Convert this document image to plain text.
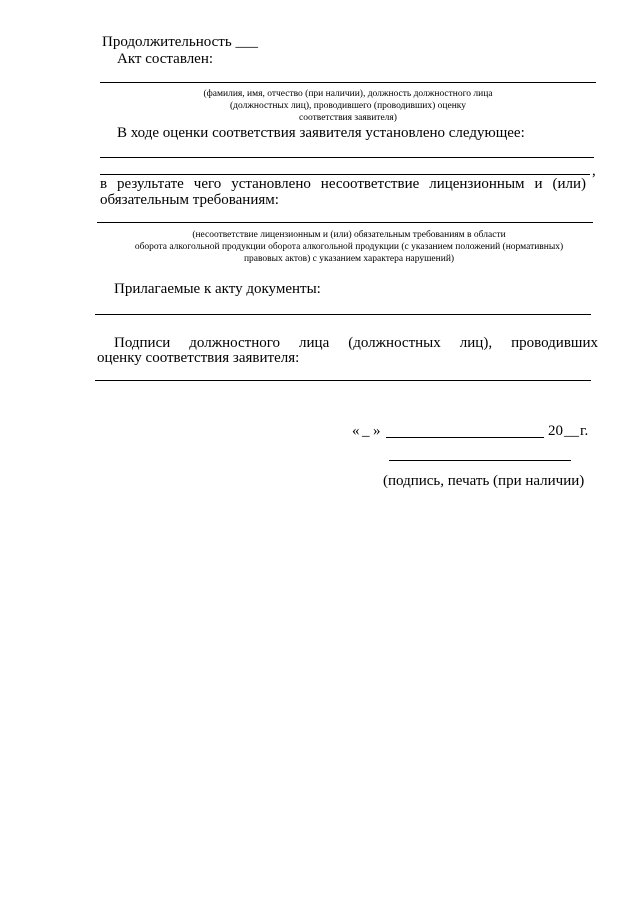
Продолжительность ___
Акт составлен:
(фамилия, имя, отчество (при наличии), должность должностного лица
(должностных лиц), проводившего (проводивших) оценку
соответствия заявителя)
В ходе оценки соответствия заявителя установлено следующее:
,
в результате чего установлено несоответствие лицензионным и (или)
обязательным требованиям:
(несоответствие лицензионным и (или) обязательным требованиям в области
оборота алкогольной продукции оборота алкогольной продукции (с указанием положений (нормативных)
правовых актов) с указанием характера нарушений)
Прилагаемые к акту документы:
Подписи должностного лица (должностных лиц), проводивших
оценку соответствия заявителя:
« _ »	20 __ г.
(подпись, печать (при наличии)
